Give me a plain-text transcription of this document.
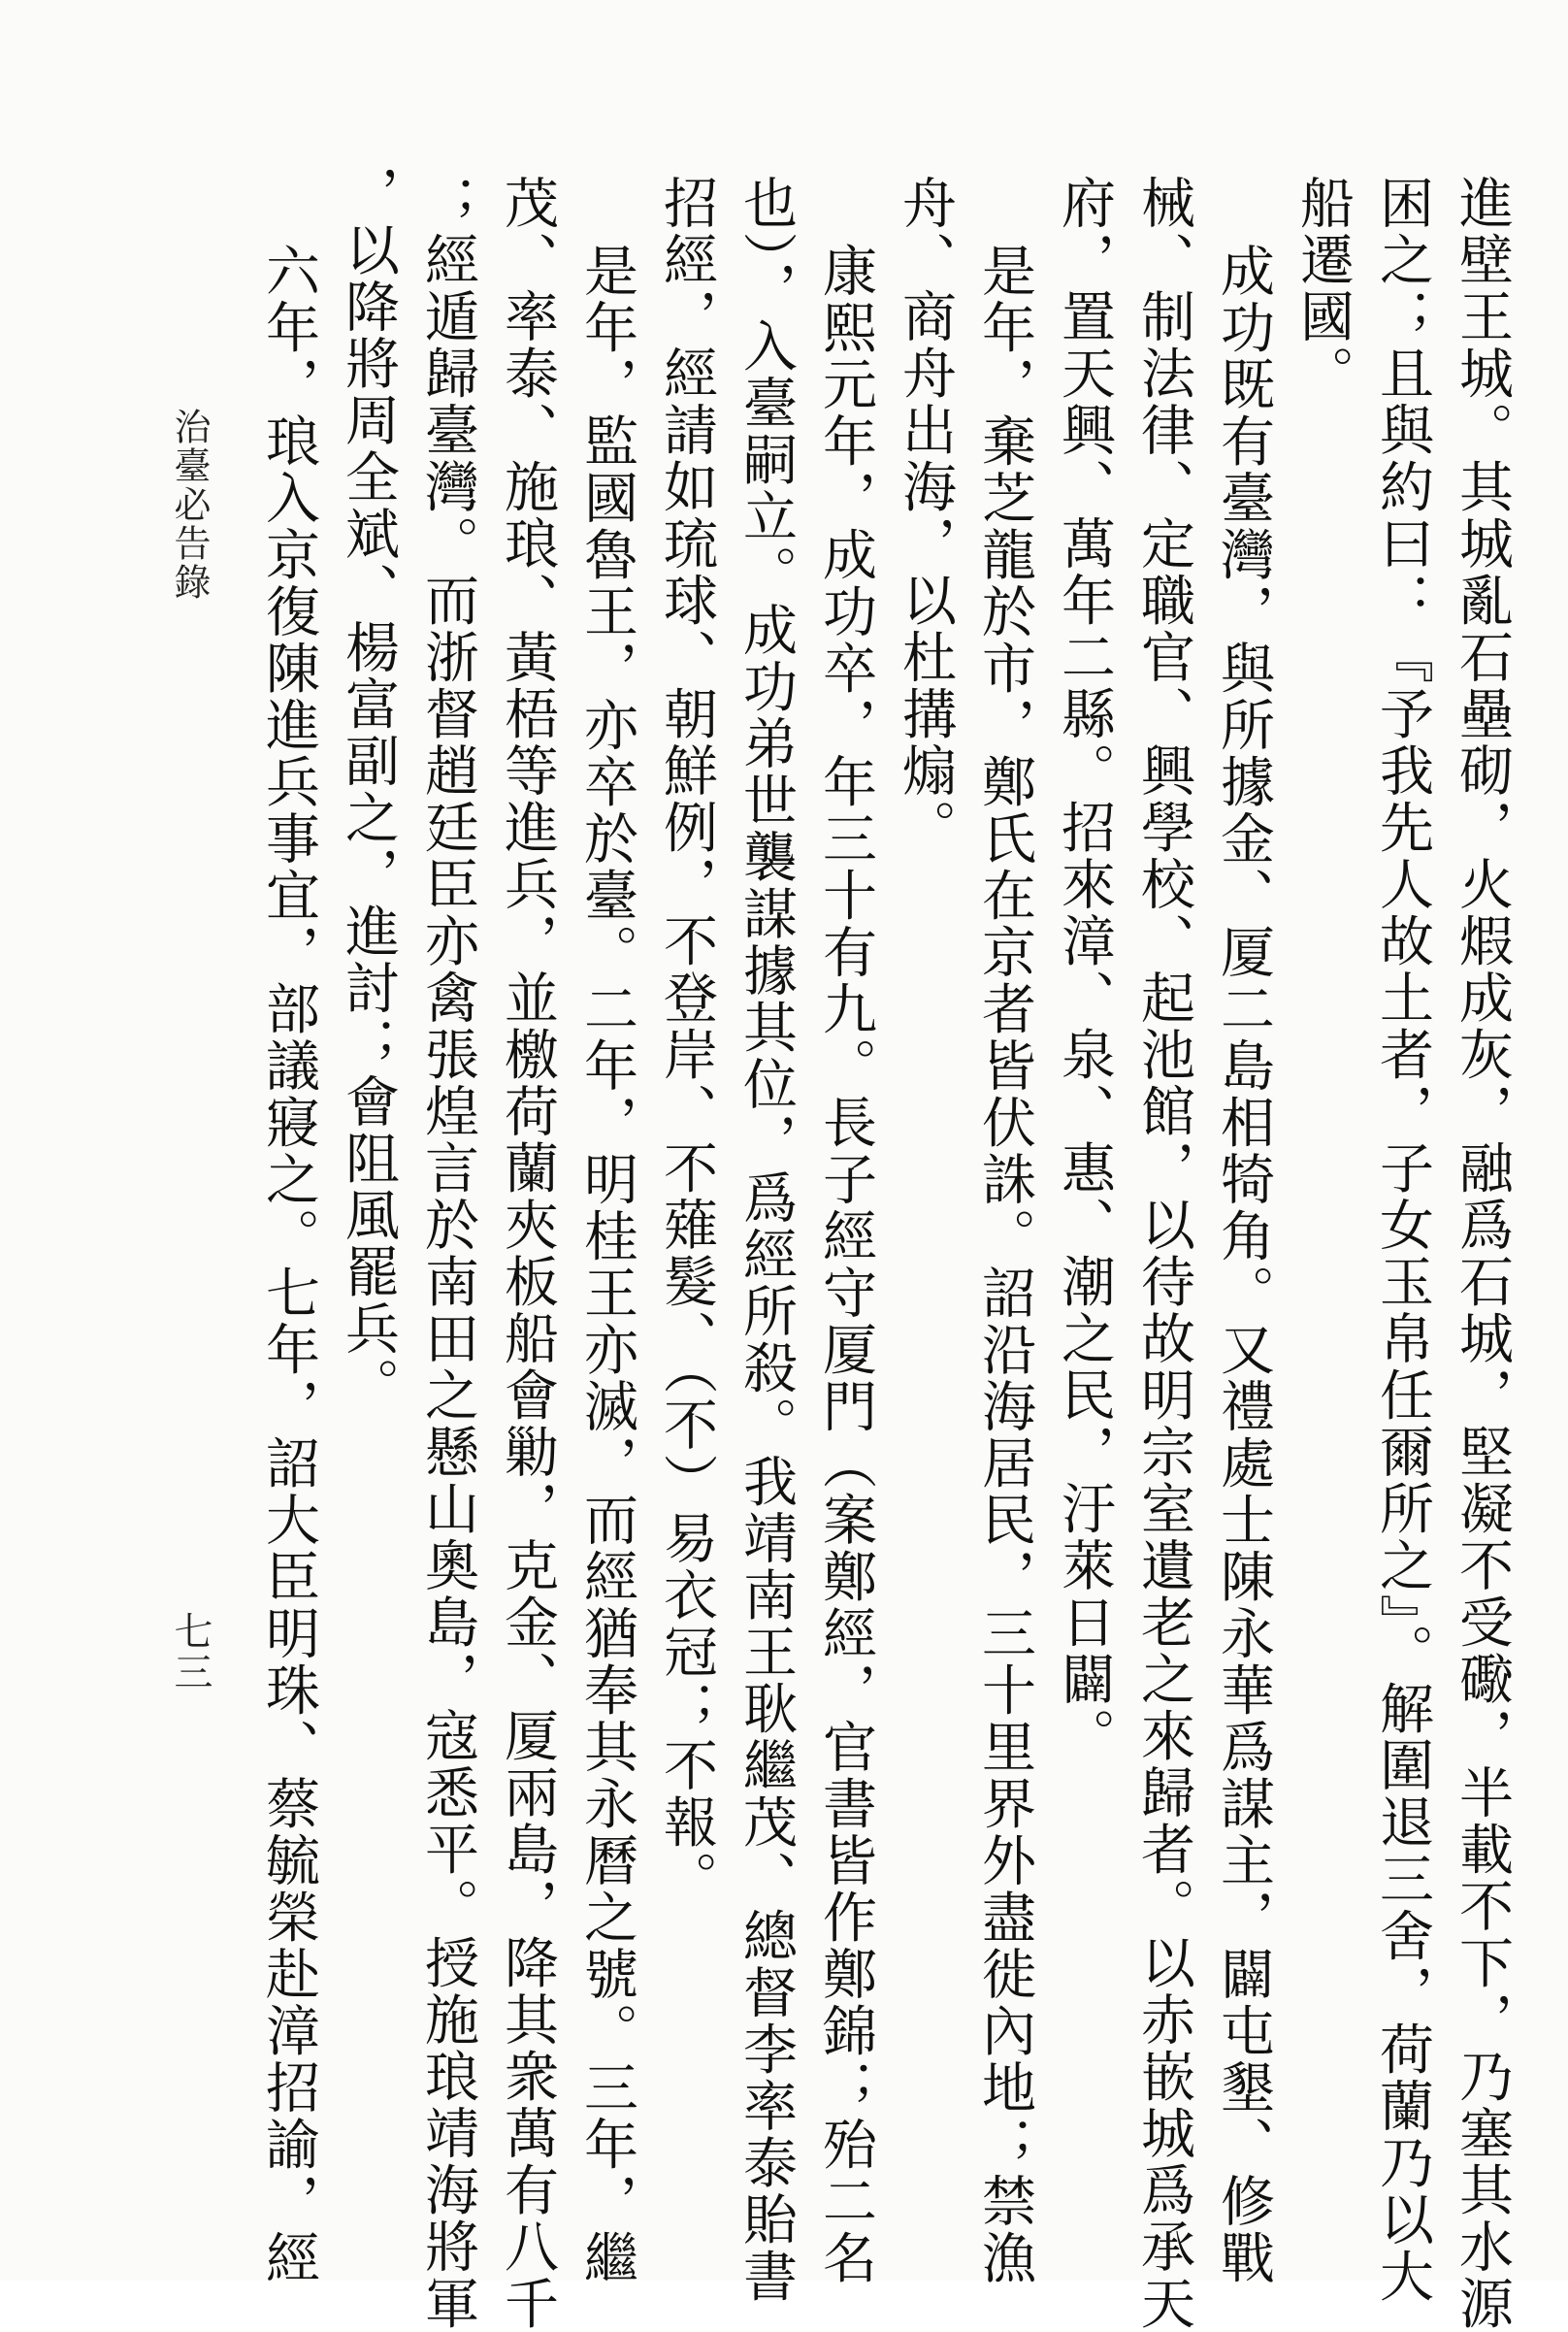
進壁王城。其城亂石壘砌，火煆成灰，融爲石城，堅凝不受礮，半載不下，乃塞其水源
困之；且與約曰：『予我先人故土者，子女玉帛任爾所之』。解圍退三舍，荷蘭乃以大
船遷國。
成功既有臺灣，與所據金、厦二島相犄角。又禮處士陳永華爲謀主，闢屯墾、修戰
械、制法律、定職官、興學校、起池館，以待故明宗室遺老之來歸者。以赤嵌城爲承天
府，置天興、萬年二縣。招來漳、泉、惠、潮之民，汙萊日闢。
是年，棄芝龍於市，鄭氏在京者皆伏誅。詔沿海居民，三十里界外盡徙內地；禁漁
舟、商舟出海，以杜搆煽。
康熙元年，成功卒，年三十有九。長子經守厦門（案鄭經，官書皆作鄭錦；殆二名
也），入臺嗣立。成功弟世襲謀據其位，爲經所殺。我靖南王耿繼茂、總督李率泰貽書
招經，經請如琉球、朝鮮例，不登岸、不薙髮、（不）易衣冠；不報。
是年，監國魯王，亦卒於臺。二年，明桂王亦滅，而經猶奉其永曆之號。三年，繼
茂、率泰、施琅、黃梧等進兵，並檄荷蘭夾板船會勦，克金、厦兩島，降其衆萬有八千
；經遁歸臺灣。而浙督趙廷臣亦禽張煌言於南田之懸山奧島，寇悉平。授施琅靖海將軍
，以降將周全斌、楊富副之，進討；會阻風罷兵。
六年，琅入京復陳進兵事宜，部議寢之。七年，詔大臣明珠、蔡毓榮赴漳招諭，經
治臺必告錄
七三
